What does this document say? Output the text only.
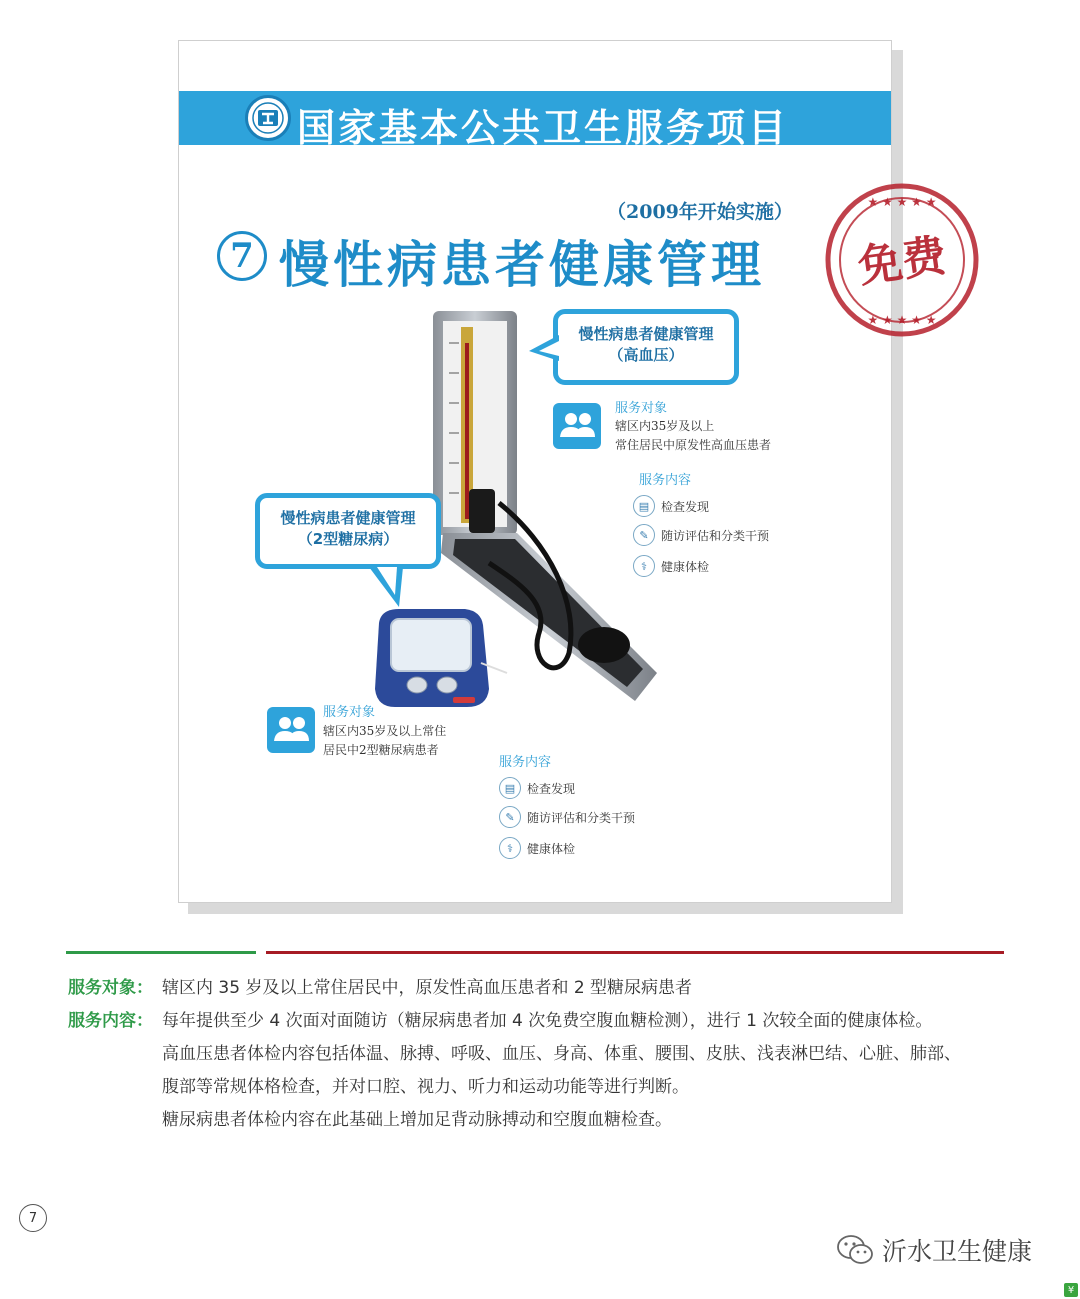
国家基本公共卫生服务项目
（2009年开始实施）
7 慢性病患者健康管理
慢性病患者健康管理
（高血压）
服务对象
辖区内35岁及以上
常住居民中原发性高血压患者
服务内容
▤ 检查发现
✎	随访评估和分类干预
⚕	健康体检
慢性病患者健康管理
（2型糖尿病）
服务对象
辖区内35岁及以上常住
居民中2型糖尿病患者
服务内容
▤ 检查发现
✎	随访评估和分类干预
⚕	健康体检
★ ★ ★ ★ ★
★ ★ ★ ★ ★
免费
服务对象： 辖区内 35 岁及以上常住居民中，原发性高血压患者和 2 型糖尿病患者
服务内容： 每年提供至少 4 次面对面随访（糖尿病患者加 4 次免费空腹血糖检测），进行 1 次较全面的健康体检。
高血压患者体检内容包括体温、脉搏、呼吸、血压、身高、体重、腰围、皮肤、浅表淋巴结、心脏、肺部、
腹部等常规体格检查，并对口腔、视力、听力和运动功能等进行判断。
糖尿病患者体检内容在此基础上增加足背动脉搏动和空腹血糖检查。
7
沂水卫生健康
¥
